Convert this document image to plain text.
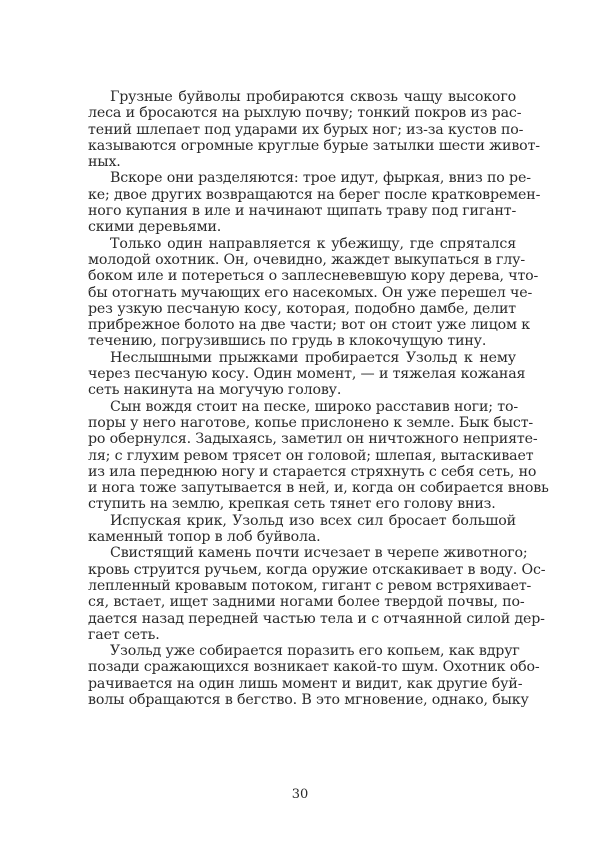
Грузные буйволы пробираются сквозь чащу высокого
леса и бросаются на рыхлую почву; тонкий покров из рас-
тений шлепает под ударами их бурых ног; из-за кустов по-
казываются огромные круглые бурые затылки шести живот-
ных.
Вскоре они разделяются: трое идут, фыркая, вниз по ре-
ке; двое других возвращаются на берег после кратковремен-
ного купания в иле и начинают щипать траву под гигант-
скими деревьями.
Только один направляется к убежищу, где спрятался
молодой охотник. Он, очевидно, жаждет выкупаться в глу-
боком иле и потереться о заплесневевшую кору дерева, что-
бы отогнать мучающих его насекомых. Он уже перешел че-
рез узкую песчаную косу, которая, подобно дамбе, делит
прибрежное болото на две части; вот он стоит уже лицом к
течению, погрузившись по грудь в клокочущую тину.
Неслышными прыжками пробирается Узольд к нему
через песчаную косу. Один момент, — и тяжелая кожаная
сеть накинута на могучую голову.
Сын вождя стоит на песке, широко расставив ноги; то-
поры у него наготове, копье прислонено к земле. Бык быст-
ро обернулся. Задыхаясь, заметил он ничтожного неприяте-
ля; с глухим ревом трясет он головой; шлепая, вытаскивает
из ила переднюю ногу и старается стряхнуть с себя сеть, но
и нога тоже запутывается в ней, и, когда он собирается вновь
ступить на землю, крепкая сеть тянет его голову вниз.
Испуская крик, Узольд изо всех сил бросает большой
каменный топор в лоб буйвола.
Свистящий камень почти исчезает в черепе животного;
кровь струится ручьем, когда оружие отскакивает в воду. Ос-
лепленный кровавым потоком, гигант с ревом встряхивает-
ся, встает, ищет задними ногами более твердой почвы, по-
дается назад передней частью тела и с отчаянной силой дер-
гает сеть.
Узольд уже собирается поразить его копьем, как вдруг
позади сражающихся возникает какой-то шум. Охотник обо-
рачивается на один лишь момент и видит, как другие буй-
волы обращаются в бегство. В это мгновение, однако, быку
30
